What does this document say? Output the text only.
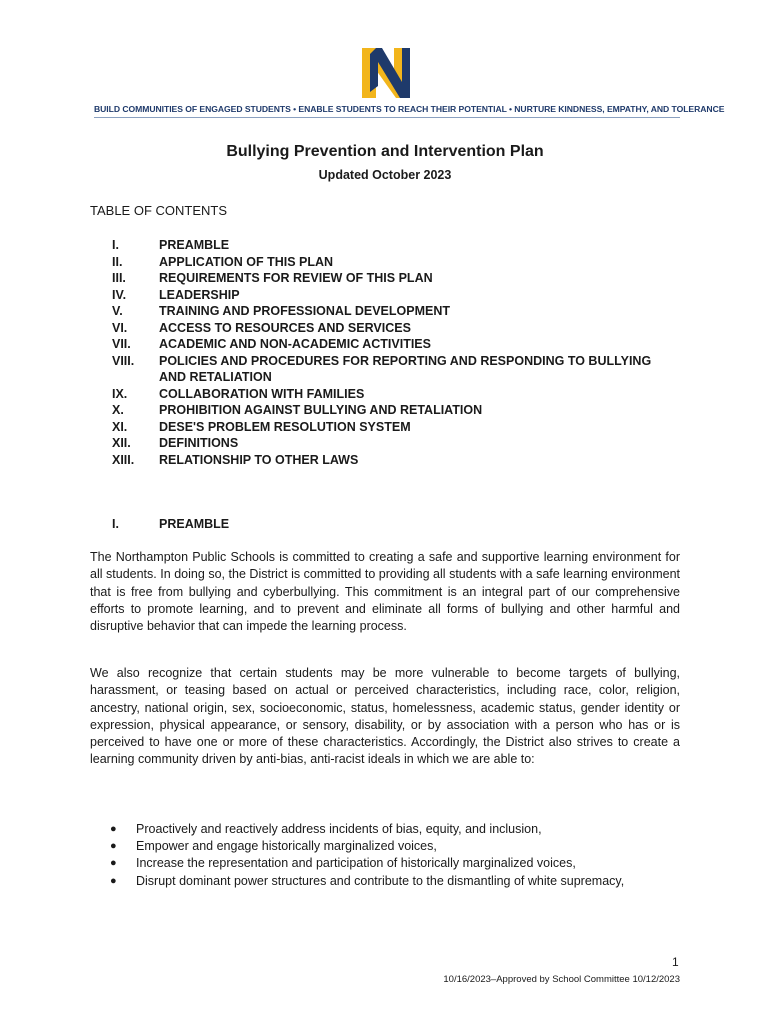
BUILD COMMUNITIES OF ENGAGED STUDENTS • ENABLE STUDENTS TO REACH THEIR POTENTIAL • NURTURE KINDNESS, EMPATHY, AND TOLERANCE
Bullying Prevention and Intervention Plan
Updated October 2023
TABLE OF CONTENTS
I.	PREAMBLE
II.	APPLICATION OF THIS PLAN
III.	REQUIREMENTS FOR REVIEW OF THIS PLAN
IV.	LEADERSHIP
V.	TRAINING AND PROFESSIONAL DEVELOPMENT
VI.	ACCESS TO RESOURCES AND SERVICES
VII. ACADEMIC AND NON-ACADEMIC ACTIVITIES
VIII. POLICIES AND PROCEDURES FOR REPORTING AND RESPONDING TO BULLYING AND RETALIATION
IX.	COLLABORATION WITH FAMILIES
X.	PROHIBITION AGAINST BULLYING AND RETALIATION
XI.	DESE'S PROBLEM RESOLUTION SYSTEM
XII. DEFINITIONS
XIII. RELATIONSHIP TO OTHER LAWS
I.	PREAMBLE
The Northampton Public Schools is committed to creating a safe and supportive learning environment for all students. In doing so, the District is committed to providing all students with a safe learning environment that is free from bullying and cyberbullying. This commitment is an integral part of our comprehensive efforts to promote learning, and to prevent and eliminate all forms of bullying and other harmful and disruptive behavior that can impede the learning process.
We also recognize that certain students may be more vulnerable to become targets of bullying, harassment, or teasing based on actual or perceived characteristics, including race, color, religion, ancestry, national origin, sex, socioeconomic, status, homelessness, academic status, gender identity or expression, physical appearance, or sensory, disability, or by association with a person who has or is perceived to have one or more of these characteristics. Accordingly, the District also strives to create a learning community driven by anti-bias, anti-racist ideals in which we are able to:
● Proactively and reactively address incidents of bias, equity, and inclusion,
● Empower and engage historically marginalized voices,
● Increase the representation and participation of historically marginalized voices,
● Disrupt dominant power structures and contribute to the dismantling of white supremacy,
1
10/16/2023–Approved by School Committee 10/12/2023
